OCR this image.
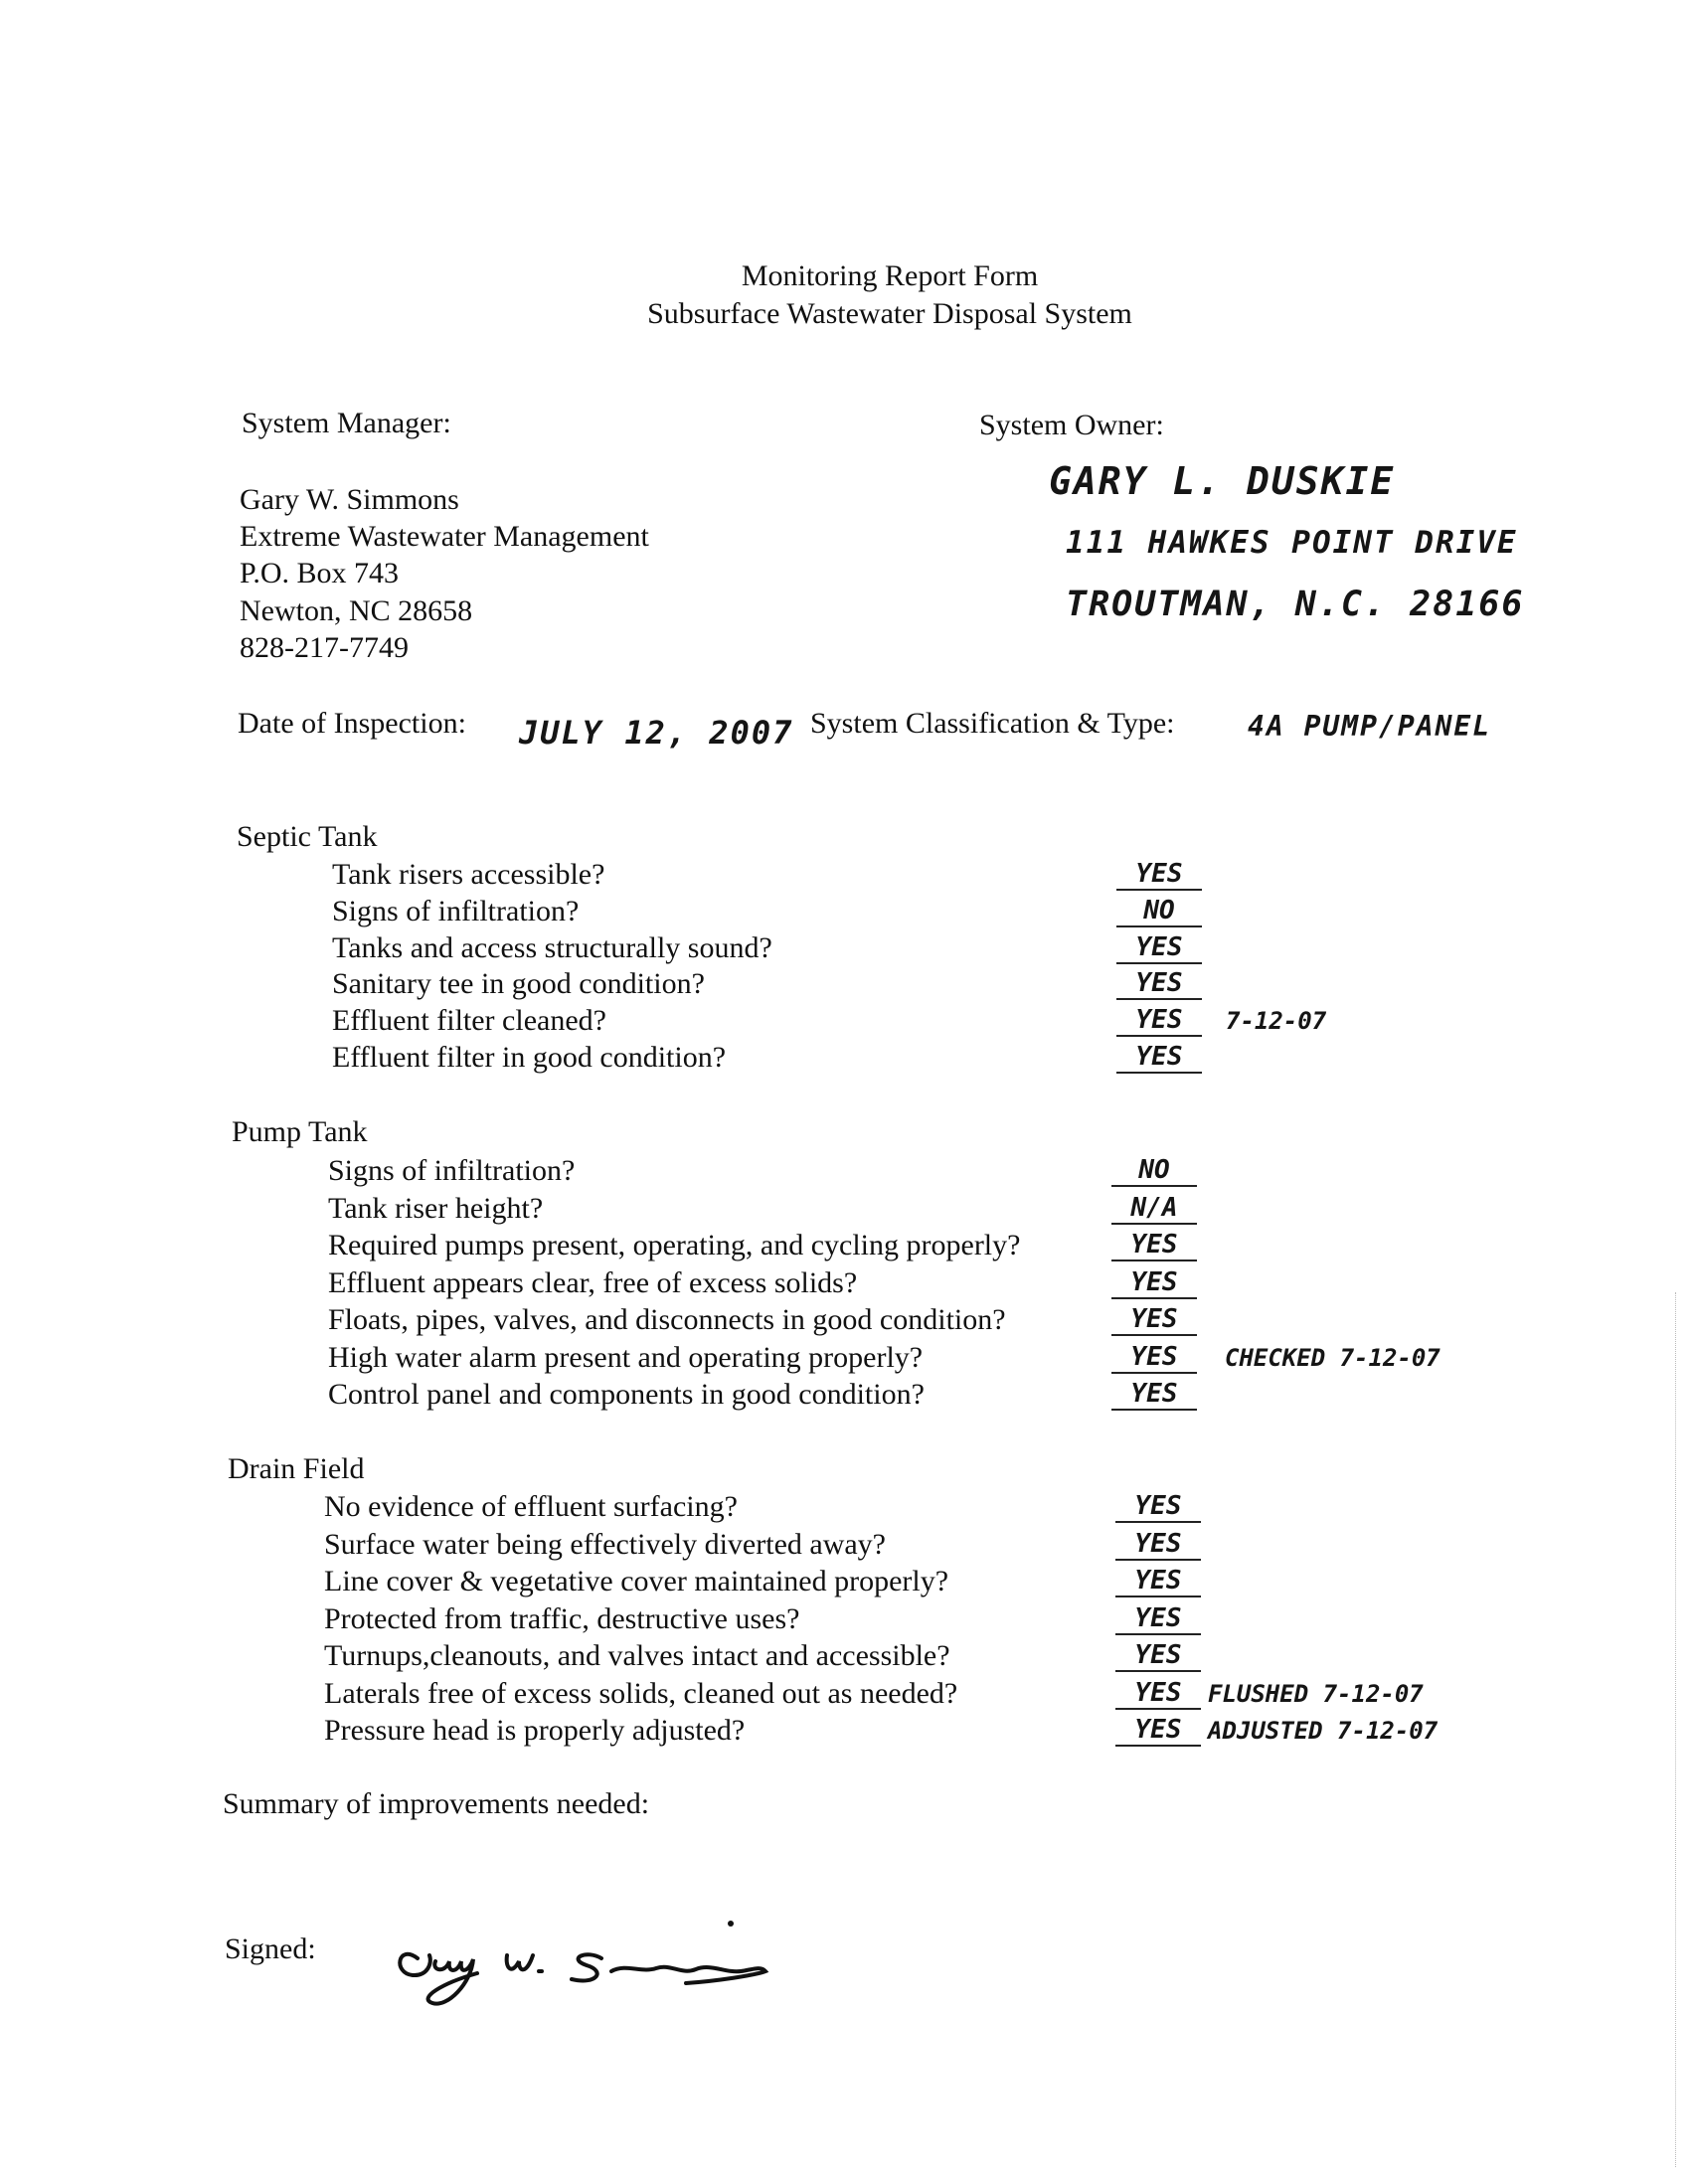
Monitoring Report Form
Subsurface Wastewater Disposal System
System Manager:
Gary W. Simmons
Extreme Wastewater Management
P.O. Box 743
Newton, NC 28658
828-217-7749
System Owner:
GARY L. DUSKIE
111 HAWKES POINT DRIVE
TROUTMAN, N.C. 28166
Date of Inspection: JULY 12, 2007 System Classification & Type:	4A PUMP/PANEL
Septic Tank
Tank risers accessible?	YES
Signs of infiltration?	NO
Tanks and access structurally sound?	YES
Sanitary tee in good condition?	YES
Effluent filter cleaned?	YES	7-12-07
Effluent filter in good condition?	YES
Pump Tank
Signs of infiltration?	NO
Tank riser height?	N/A
Required pumps present, operating, and cycling properly?	YES
Effluent appears clear, free of excess solids?	YES
Floats, pipes, valves, and disconnects in good condition?	YES
High water alarm present and operating properly?	YES	CHECKED 7-12-07
Control panel and components in good condition?	YES
Drain Field
No evidence of effluent surfacing?	YES
Surface water being effectively diverted away?	YES
Line cover & vegetative cover maintained properly?	YES
Protected from traffic, destructive uses?	YES
Turnups,cleanouts, and valves intact and accessible?	YES
Laterals free of excess solids, cleaned out as needed?	YES	FLUSHED 7-12-07
Pressure head is properly adjusted?	YES	ADJUSTED 7-12-07
Summary of improvements needed:
Signed:
